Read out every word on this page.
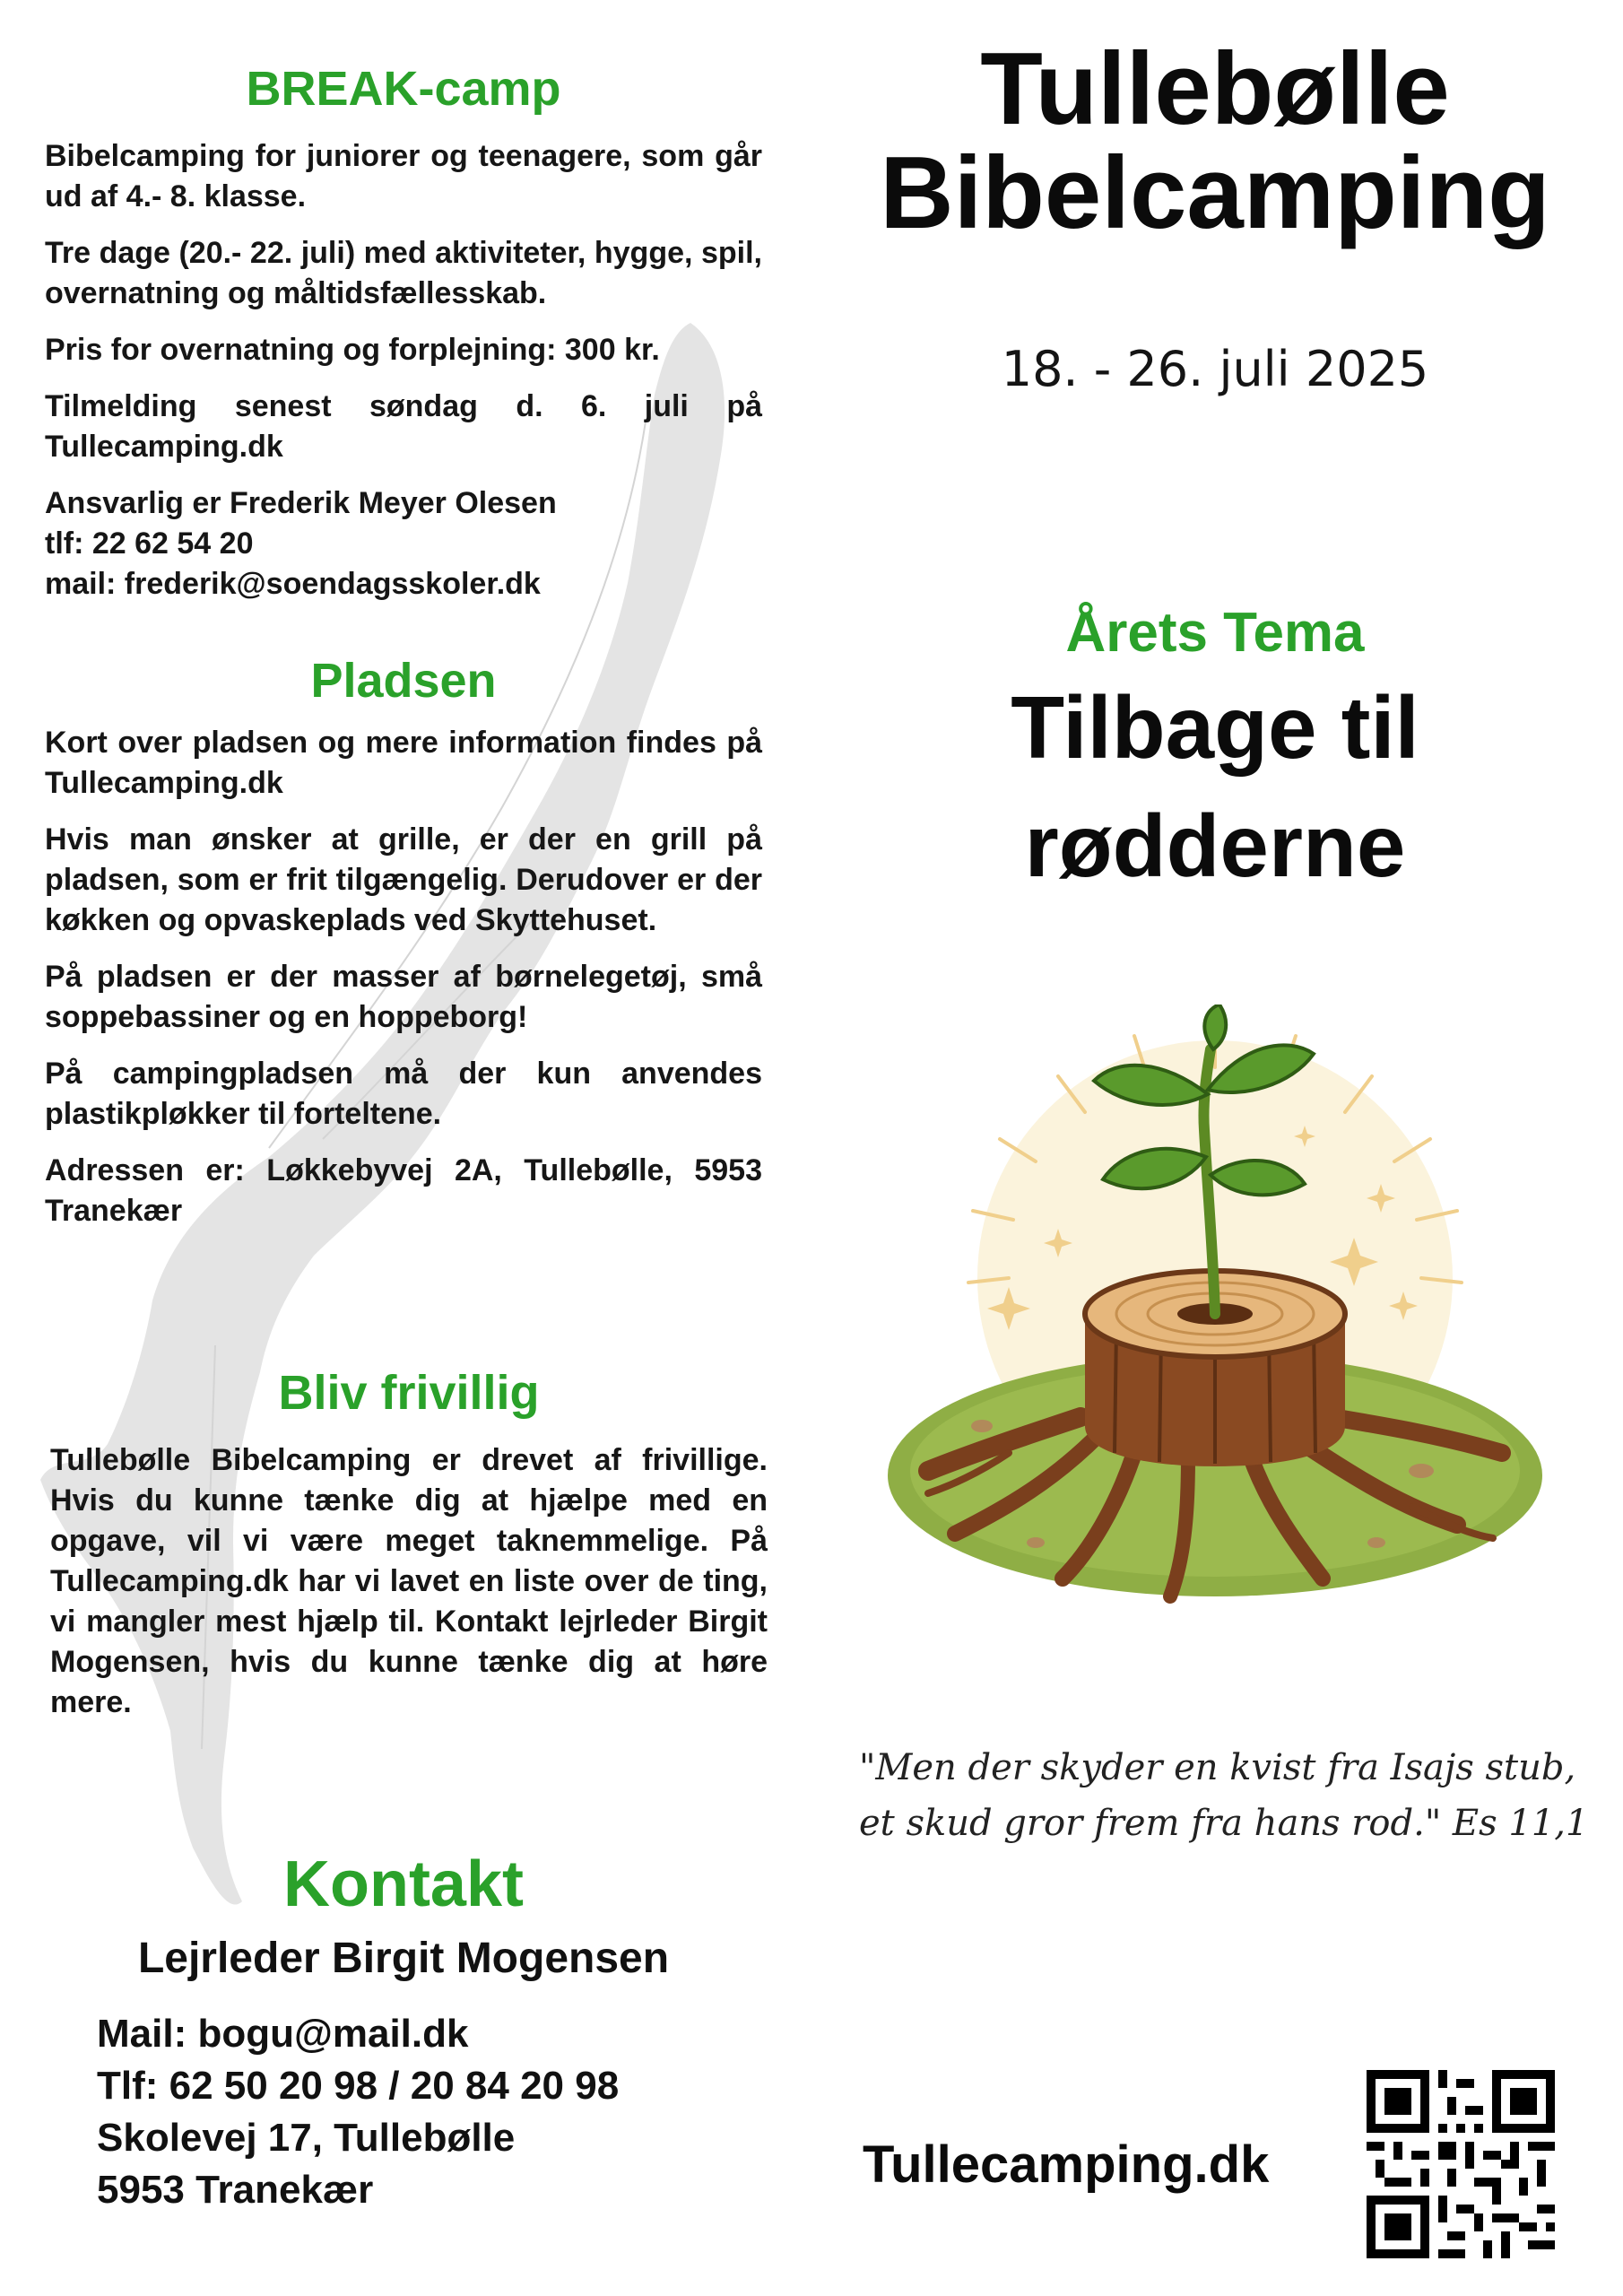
BREAK-camp

Bibelcamping for juniorer og teenagere, som går ud af 4.- 8. klasse.

Tre dage (20.- 22. juli) med aktiviteter, hygge, spil, overnatning og måltidsfællesskab.

Pris for overnatning og forplejning: 300 kr.

Tilmelding senest søndag d. 6. juli på Tullecamping.dk

Ansvarlig er Frederik Meyer Olesen

tlf: 22 62 54 20

mail: frederik@soendagsskoler.dk

Pladsen

Kort over pladsen og mere information findes på Tullecamping.dk

Hvis man ønsker at grille, er der en grill på pladsen, som er frit tilgængelig. Derudover er der køkken og opvaskeplads ved Skyttehuset.

På pladsen er der masser af børnelegetøj, små soppebassiner og en hoppeborg!

På campingpladsen må der kun anvendes plastikpløkker til forteltene.

Adressen er: Løkkebyvej 2A, Tullebølle, 5953 Tranekær

Bliv frivillig

Tullebølle Bibelcamping er drevet af frivillige. Hvis du kunne tænke dig at hjælpe med en opgave, vil vi være meget taknemmelige. På Tullecamping.dk har vi lavet en liste over de ting, vi mangler mest hjælp til. Kontakt lejrleder Birgit Mogensen, hvis du kunne tænke dig at høre mere.

Kontakt
Lejrleder Birgit Mogensen
Mail: bogu@mail.dk
Tlf: 62 50 20 98 / 20 84 20 98
Skolevej 17, Tullebølle
5953 Tranekær
Tullebølle
Bibelcamping
18. - 26. juli 2025
Årets Tema
Tilbage til
rødderne
"Men der skyder en kvist fra Isajs stub,
et skud gror frem fra hans rod." Es 11,1
Tullecamping.dk
